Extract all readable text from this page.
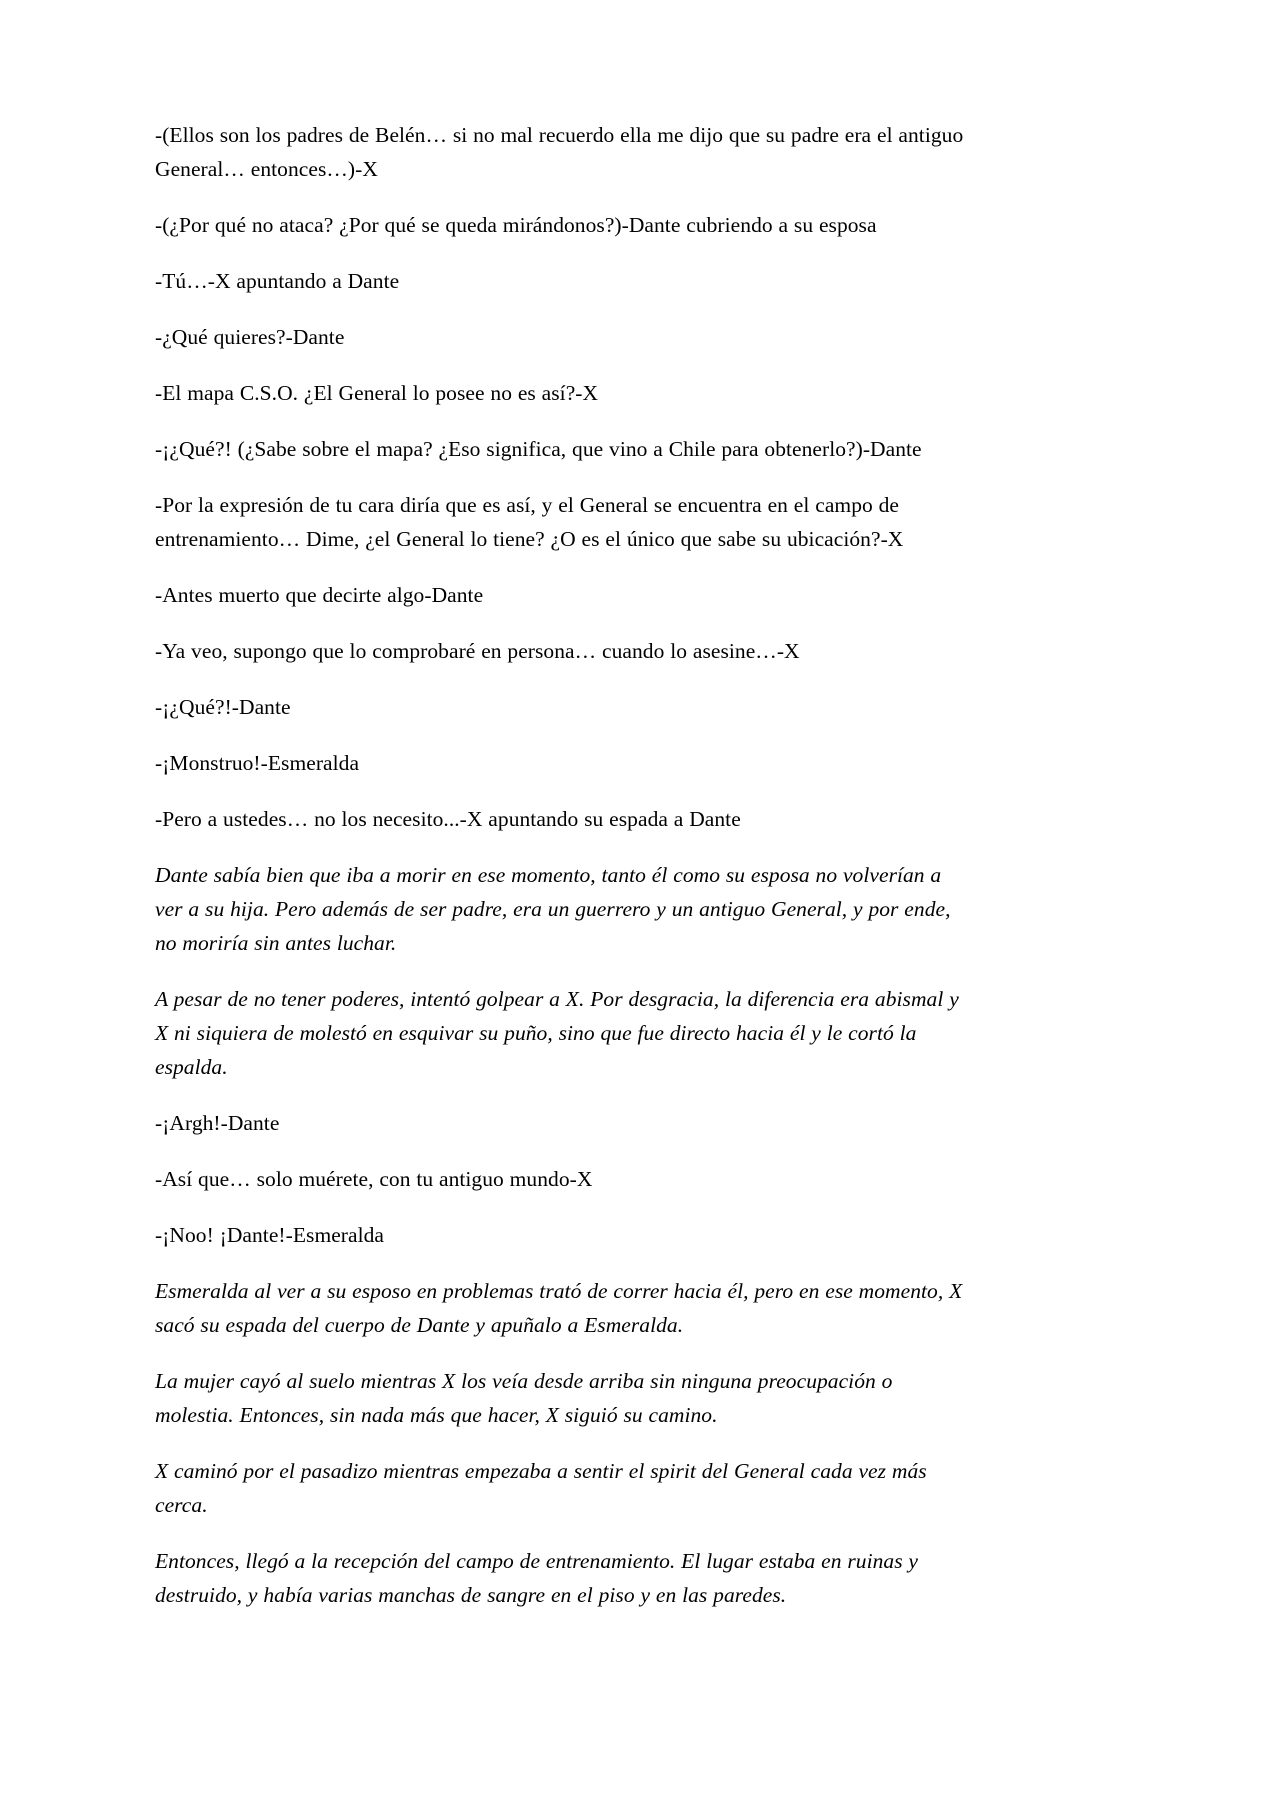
-(Ellos son los padres de Belén… si no mal recuerdo ella me dijo que su padre era el antiguo General… entonces…)-X

-(¿Por qué no ataca? ¿Por qué se queda mirándonos?)-Dante cubriendo a su esposa

-Tú…-X apuntando a Dante

-¿Qué quieres?-Dante

-El mapa C.S.O. ¿El General lo posee no es así?-X

-¡¿Qué?! (¿Sabe sobre el mapa? ¿Eso significa, que vino a Chile para obtenerlo?)-Dante

-Por la expresión de tu cara diría que es así, y el General se encuentra en el campo de entrenamiento… Dime, ¿el General lo tiene? ¿O es el único que sabe su ubicación?-X

-Antes muerto que decirte algo-Dante

-Ya veo, supongo que lo comprobaré en persona… cuando lo asesine…-X

-¡¿Qué?!-Dante

-¡Monstruo!-Esmeralda

-Pero a ustedes… no los necesito...-X apuntando su espada a Dante

Dante sabía bien que iba a morir en ese momento, tanto él como su esposa no volverían a ver a su hija. Pero además de ser padre, era un guerrero y un antiguo General, y por ende, no moriría sin antes luchar.

A pesar de no tener poderes, intentó golpear a X. Por desgracia, la diferencia era abismal y X ni siquiera de molestó en esquivar su puño, sino que fue directo hacia él y le cortó la espalda.

-¡Argh!-Dante

-Así que… solo muérete, con tu antiguo mundo-X

-¡Noo! ¡Dante!-Esmeralda

Esmeralda al ver a su esposo en problemas trató de correr hacia él, pero en ese momento, X sacó su espada del cuerpo de Dante y apuñalo a Esmeralda.

La mujer cayó al suelo mientras X los veía desde arriba sin ninguna preocupación o molestia. Entonces, sin nada más que hacer, X siguió su camino.

X caminó por el pasadizo mientras empezaba a sentir el spirit del General cada vez más cerca.

Entonces, llegó a la recepción del campo de entrenamiento. El lugar estaba en ruinas y destruido, y había varias manchas de sangre en el piso y en las paredes.
